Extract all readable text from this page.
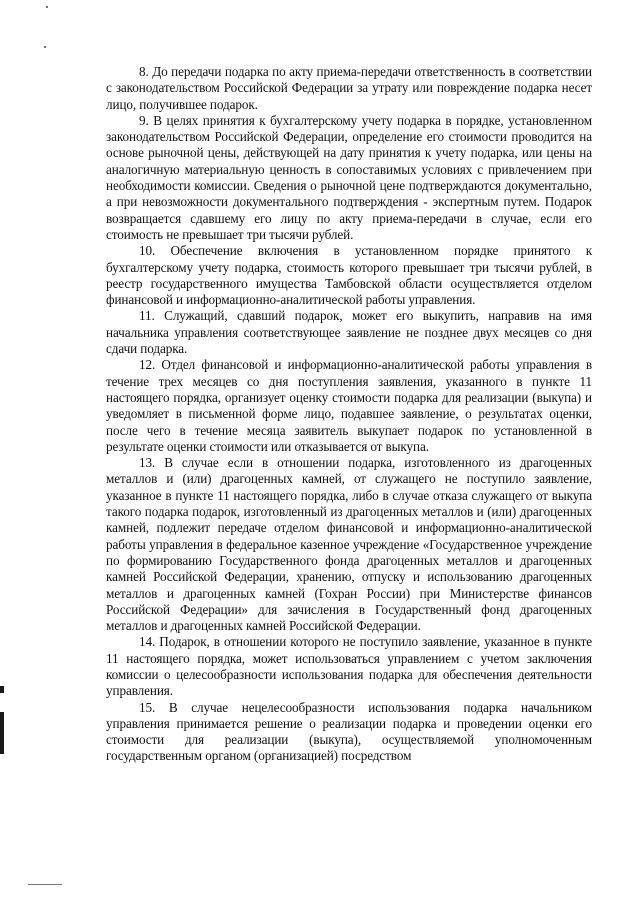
8. До передачи подарка по акту приема-передачи ответственность в соответствии с законодательством Российской Федерации за утрату или повреждение подарка несет лицо, получившее подарок.

9. В целях принятия к бухгалтерскому учету подарка в порядке, установленном законодательством Российской Федерации, определение его стоимости проводится на основе рыночной цены, действующей на дату принятия к учету подарка, или цены на аналогичную материальную ценность в сопоставимых условиях с привлечением при необходимости комиссии. Сведения о рыночной цене подтверждаются документально, а при невозможности документального подтверждения - экспертным путем. Подарок возвращается сдавшему его лицу по акту приема-передачи в случае, если его стоимость не превышает три тысячи рублей.

10. Обеспечение включения в установленном порядке принятого к бухгалтерскому учету подарка, стоимость которого превышает три тысячи рублей, в реестр государственного имущества Тамбовской области осуществляется отделом финансовой и информационно-аналитической работы управления.

11. Служащий, сдавший подарок, может его выкупить, направив на имя начальника управления соответствующее заявление не позднее двух месяцев со дня сдачи подарка.

12. Отдел финансовой и информационно-аналитической работы управления в течение трех месяцев со дня поступления заявления, указанного в пункте 11 настоящего порядка, организует оценку стоимости подарка для реализации (выкупа) и уведомляет в письменной форме лицо, подавшее заявление, о результатах оценки, после чего в течение месяца заявитель выкупает подарок по установленной в результате оценки стоимости или отказывается от выкупа.

13. В случае если в отношении подарка, изготовленного из драгоценных металлов и (или) драгоценных камней, от служащего не поступило заявление, указанное в пункте 11 настоящего порядка, либо в случае отказа служащего от выкупа такого подарка подарок, изготовленный из драгоценных металлов и (или) драгоценных камней, подлежит передаче отделом финансовой и информационно-аналитической работы управления в федеральное казенное учреждение «Государственное учреждение по формированию Государственного фонда драгоценных металлов и драгоценных камней Российской Федерации, хранению, отпуску и использованию драгоценных металлов и драгоценных камней (Гохран России) при Министерстве финансов Российской Федерации» для зачисления в Государственный фонд драгоценных металлов и драгоценных камней Российской Федерации.

14. Подарок, в отношении которого не поступило заявление, указанное в пункте 11 настоящего порядка, может использоваться управлением с учетом заключения комиссии о целесообразности использования подарка для обеспечения деятельности управления.

15. В случае нецелесообразности использования подарка начальником управления принимается решение о реализации подарка и проведении оценки его стоимости для реализации (выкупа), осуществляемой уполномоченным государственным органом (организацией) посредством
